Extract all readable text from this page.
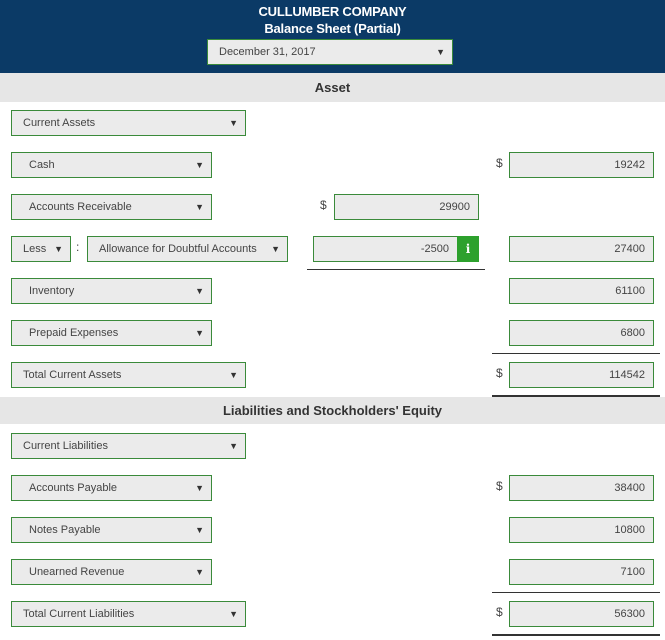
CULLUMBER COMPANY
Balance Sheet (Partial)
December 31, 2017	▼
Asset
Current Assets	▼
Cash	▼	$	19242
Accounts Receivable	▼	$	29900
Less ▼ :	Allowance for Doubtful Accounts ▼	-2500	i	27400
Inventory	▼	61100
Prepaid Expenses	▼	6800
Total Current Assets	▼	$	114542
Liabilities and Stockholders' Equity
Current Liabilities	▼
Accounts Payable	▼	$	38400
Notes Payable	▼	10800
Unearned Revenue	▼	7100
Total Current Liabilities	▼	$	56300
